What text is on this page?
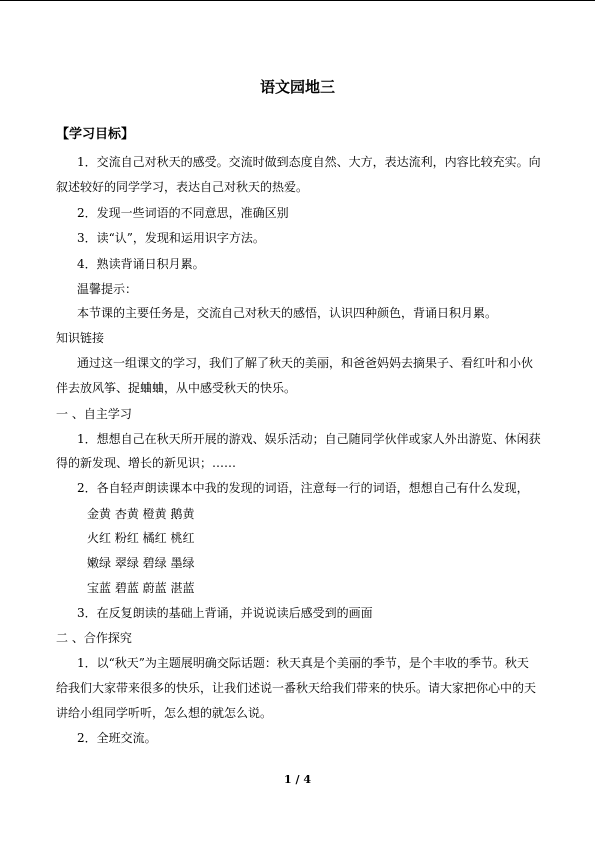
语文园地三
【学习目标】
1．交流自己对秋天的感受。交流时做到态度自然、大方，表达流利，内容比较充实。向
叙述较好的同学学习，表达自己对秋天的热爱。
2．发现一些词语的不同意思，准确区别
3．读“认”，发现和运用识字方法。
4．熟读背诵日积月累。
温馨提示：
本节课的主要任务是，交流自己对秋天的感悟，认识四种颜色，背诵日积月累。
知识链接
通过这一组课文的学习，我们了解了秋天的美丽，和爸爸妈妈去摘果子、看红叶和小伙
伴去放风筝、捉蛐蛐，从中感受秋天的快乐。
一 、自主学习
1．想想自己在秋天所开展的游戏、娱乐活动；自己随同学伙伴或家人外出游览、休闲获
得的新发现、增长的新见识；……
2．各自轻声朗读课本中我的发现的词语，注意每一行的词语，想想自己有什么发现，
金黄 杏黄 橙黄 鹅黄
火红 粉红 橘红 桃红
嫩绿 翠绿 碧绿 墨绿
宝蓝 碧蓝 蔚蓝 湛蓝
3．在反复朗读的基础上背诵，并说说读后感受到的画面
二 、合作探究
1．以“秋天”为主题展明确交际话题：秋天真是个美丽的季节，是个丰收的季节。秋天
给我们大家带来很多的快乐，让我们述说一番秋天给我们带来的快乐。请大家把你心中的天
讲给小组同学听听，怎么想的就怎么说。
2．全班交流。
1 / 4
